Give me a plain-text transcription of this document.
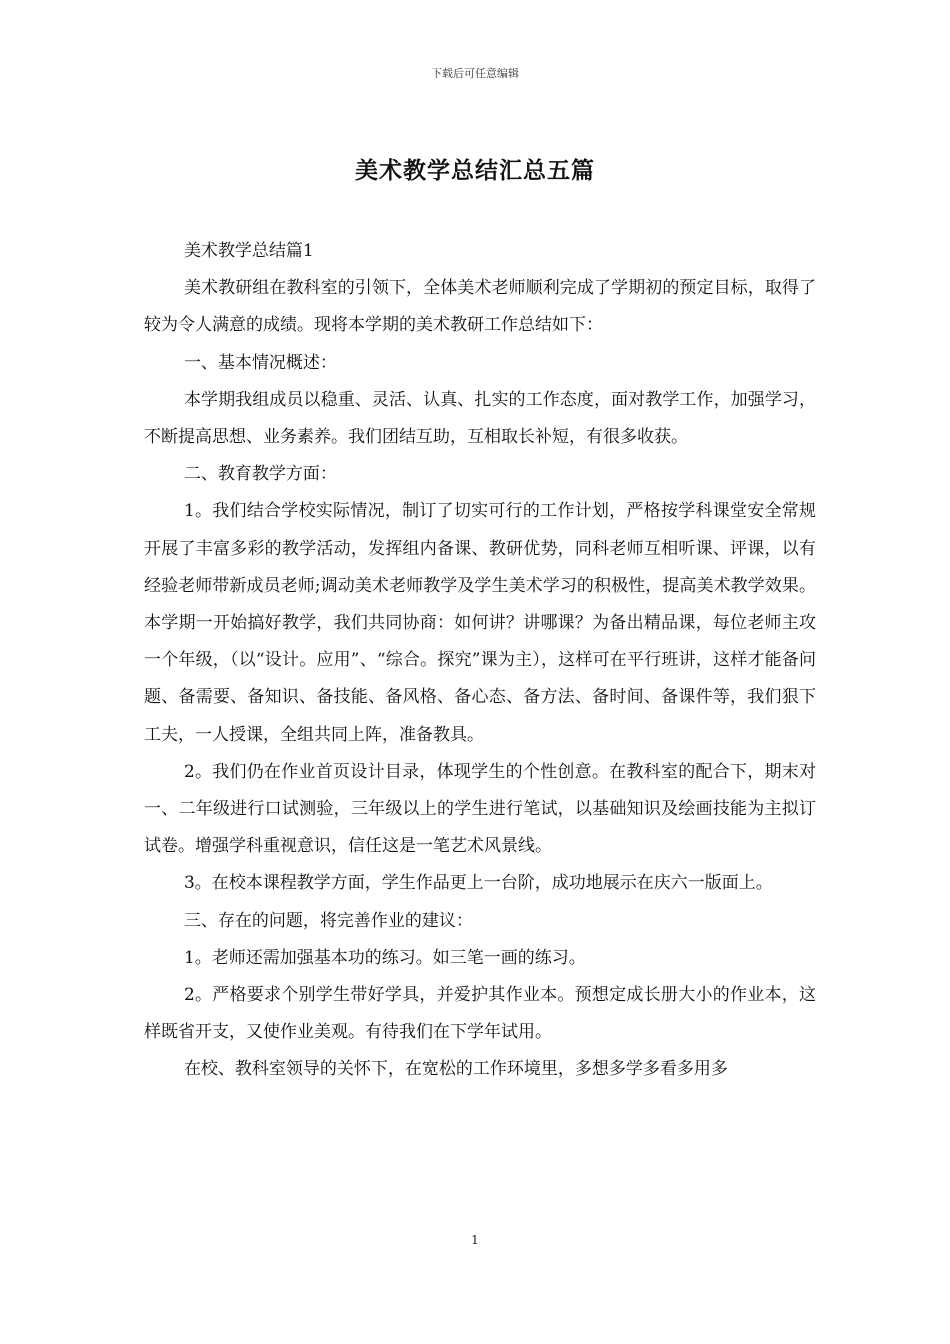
下载后可任意编辑
美术教学总结汇总五篇

美术教学总结篇1

美术教研组在教科室的引领下，全体美术老师顺利完成了学期初的预定目标，取得了较为令人满意的成绩。现将本学期的美术教研工作总结如下：

一、基本情况概述：

本学期我组成员以稳重、灵活、认真、扎实的工作态度，面对教学工作，加强学习，不断提高思想、业务素养。我们团结互助，互相取长补短，有很多收获。

二、教育教学方面：

1。我们结合学校实际情况，制订了切实可行的工作计划，严格按学科课堂安全常规开展了丰富多彩的教学活动，发挥组内备课、教研优势，同科老师互相听课、评课，以有经验老师带新成员老师;调动美术老师教学及学生美术学习的积极性，提高美术教学效果。本学期一开始搞好教学，我们共同协商：如何讲？讲哪课？为备出精品课，每位老师主攻一个年级，（以“设计。应用”、“综合。探究”课为主），这样可在平行班讲，这样才能备问题、备需要、备知识、备技能、备风格、备心态、备方法、备时间、备课件等，我们狠下工夫，一人授课，全组共同上阵，准备教具。

2。我们仍在作业首页设计目录，体现学生的个性创意。在教科室的配合下，期末对一、二年级进行口试测验，三年级以上的学生进行笔试，以基础知识及绘画技能为主拟订试卷。增强学科重视意识，信任这是一笔艺术风景线。

3。在校本课程教学方面，学生作品更上一台阶，成功地展示在庆六一版面上。

三、存在的问题，将完善作业的建议：

1。老师还需加强基本功的练习。如三笔一画的练习。

2。严格要求个别学生带好学具，并爱护其作业本。预想定成长册大小的作业本，这样既省开支，又使作业美观。有待我们在下学年试用。

在校、教科室领导的关怀下，在宽松的工作环境里，多想多学多看多用多

1
